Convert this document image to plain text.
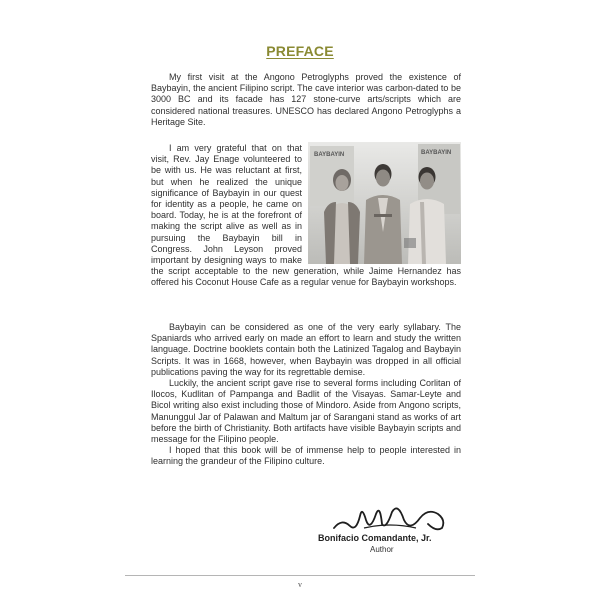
PREFACE

My first visit at the Angono Petroglyphs proved the existence of Baybayin, the ancient Filipino script. The cave interior was carbon-dated to be 3000 BC and its facade has 127 stone-curve arts/scripts which are considered national treasures. UNESCO has declared Angono Petroglyphs a Heritage Site.

BAYBAYIN	BAYBAYIN

I am very grateful that on that visit, Rev. Jay Enage volunteered to be with us. He was reluctant at first, but when he realized the unique significance of Baybayin in our quest for identity as a people, he came on board. Today, he is at the forefront of making the script alive as well as in pursuing the Baybayin bill in Congress. John Leyson proved important by designing ways to make the script acceptable to the new generation, while Jaime Hernandez has offered his Coconut House Cafe as a regular venue for Baybayin workshops.

Baybayin can be considered as one of the very early syllabary. The Spaniards who arrived early on made an effort to learn and study the written language. Doctrine booklets contain both the Latinized Tagalog and Baybayin Scripts. It was in 1668, however, when Baybayin was dropped in all official publications paving the way for its regrettable demise.

Luckily, the ancient script gave rise to several forms including Corlitan of Ilocos, Kudlitan of Pampanga and Badlit of the Visayas. Samar-Leyte and Bicol writing also exist including those of Mindoro. Aside from Angono scripts, Manunggul Jar of Palawan and Maltum jar of Sarangani stand as works of art before the birth of Christianity. Both artifacts have visible Baybayin scripts and message for the Filipino people.

I hoped that this book will be of immense help to people interested in learning the grandeur of the Filipino culture.

Bonifacio Comandante, Jr.
Author
v
